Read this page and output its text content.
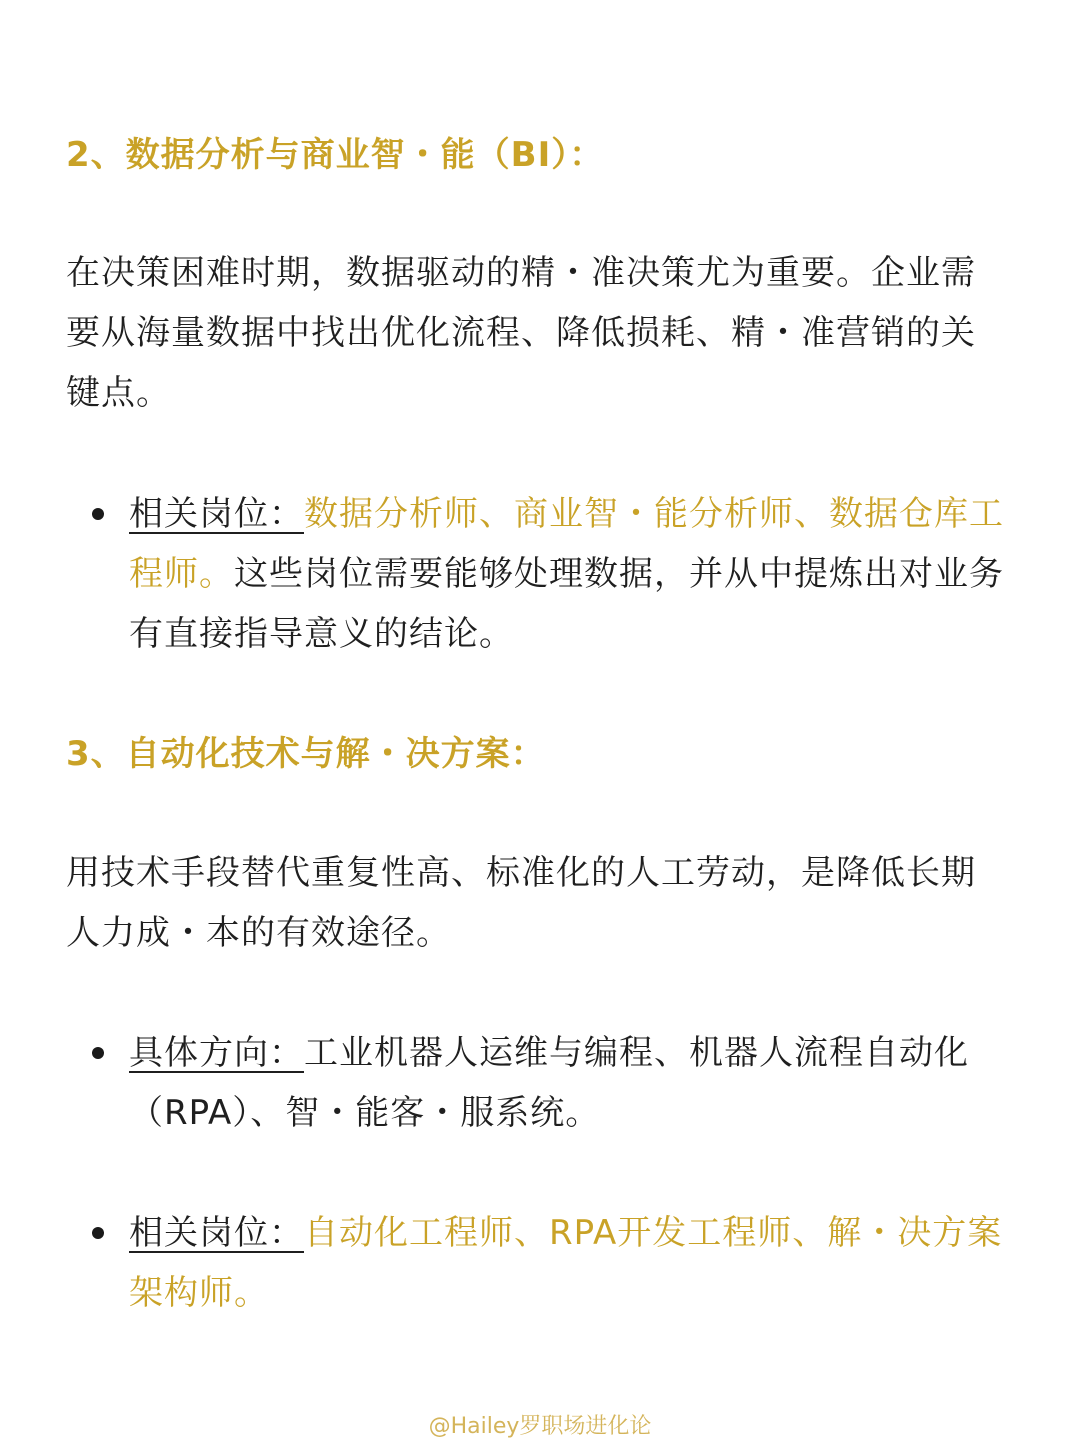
2、数据分析与商业智・能（BI）：
在决策困难时期，数据驱动的精・准决策尤为重要。企业需要从海量数据中找出优化流程、降低损耗、精・准营销的关键点。
相关岗位：数据分析师、商业智・能分析师、数据仓库工程师。这些岗位需要能够处理数据，并从中提炼出对业务有直接指导意义的结论。
3、自动化技术与解・决方案：
用技术手段替代重复性高、标准化的人工劳动，是降低长期人力成・本的有效途径。
具体方向：工业机器人运维与编程、机器人流程自动化（RPA）、智・能客・服系统。
相关岗位：自动化工程师、RPA开发工程师、解・决方案架构师。
@Hailey罗职场进化论
